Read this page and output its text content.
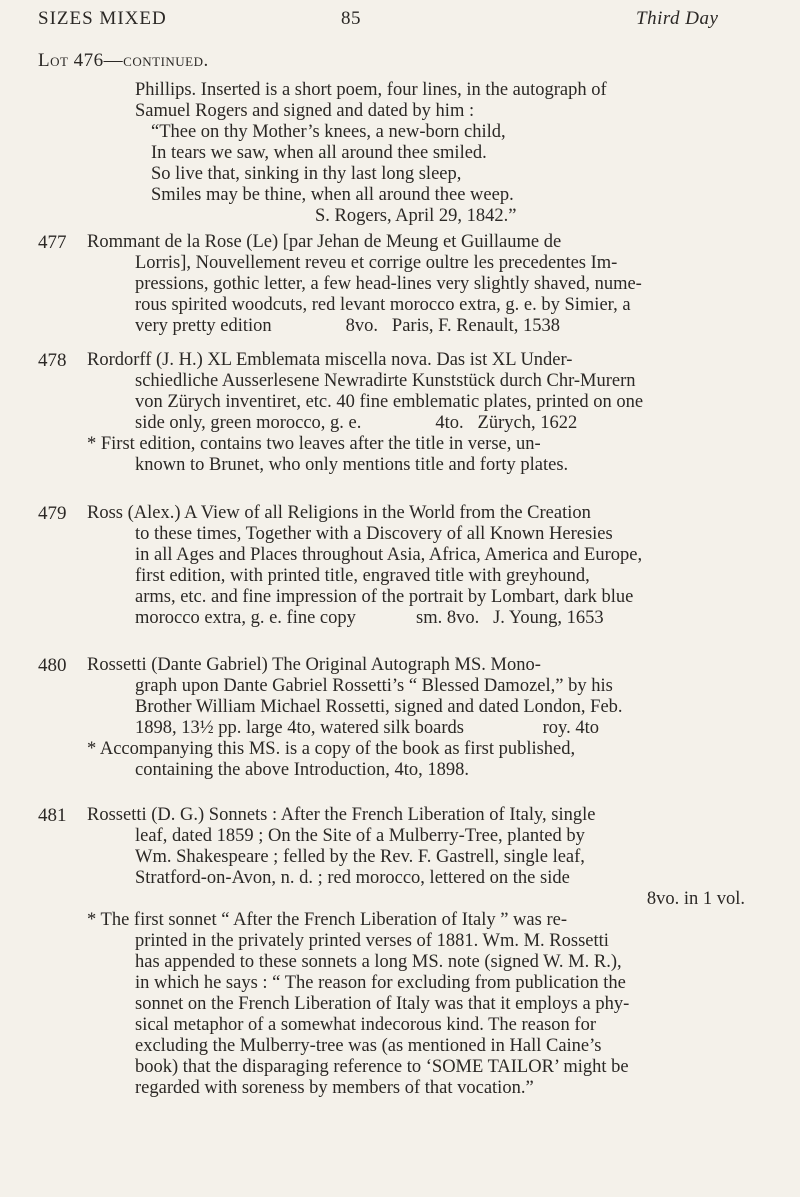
SIZES MIXED	85	Third Day
Lot 476—continued.

Phillips. Inserted is a short poem, four lines, in the autograph of

Samuel Rogers and signed and dated by him :

“Thee on thy Mother’s knees, a new-born child,

In tears we saw, when all around thee smiled.

So live that, sinking in thy last long sleep,

Smiles may be thine, when all around thee weep.

S. Rogers, April 29, 1842.”

477	Rommant de la Rose (Le) [par Jehan de Meung et Guillaume de

Lorris], Nouvellement reveu et corrige oultre les precedentes Im-

pressions, gothic letter, a few head-lines very slightly shaved, nume-

rous spirited woodcuts, red levant morocco extra, g. e. by Simier, a

very pretty edition                8vo.   Paris, F. Renault, 1538

478	Rordorff (J. H.) XL Emblemata miscella nova. Das ist XL Under-

schiedliche Ausserlesene Newradirte Kunststück durch Chr-Murern

von Zürych inventiret, etc. 40 fine emblematic plates, printed on one

side only, green morocco, g. e.                4to.   Zürych, 1622

* First edition, contains two leaves after the title in verse, un-

known to Brunet, who only mentions title and forty plates.

479	Ross (Alex.) A View of all Religions in the World from the Creation

to these times, Together with a Discovery of all Known Heresies

in all Ages and Places throughout Asia, Africa, America and Europe,

first edition, with printed title, engraved title with greyhound,

arms, etc. and fine impression of the portrait by Lombart, dark blue

morocco extra, g. e. fine copy             sm. 8vo.   J. Young, 1653

480	Rossetti (Dante Gabriel) The Original Autograph MS. Mono-

graph upon Dante Gabriel Rossetti’s “ Blessed Damozel,” by his

Brother William Michael Rossetti, signed and dated London, Feb.

1898, 13½ pp. large 4to, watered silk boards                 roy. 4to

* Accompanying this MS. is a copy of the book as first published,

containing the above Introduction, 4to, 1898.

481	Rossetti (D. G.) Sonnets : After the French Liberation of Italy, single

leaf, dated 1859 ; On the Site of a Mulberry-Tree, planted by

Wm. Shakespeare ; felled by the Rev. F. Gastrell, single leaf,

Stratford-on-Avon, n. d. ; red morocco, lettered on the side

8vo. in 1 vol.

* The first sonnet “ After the French Liberation of Italy ” was re-

printed in the privately printed verses of 1881. Wm. M. Rossetti

has appended to these sonnets a long MS. note (signed W. M. R.),

in which he says : “ The reason for excluding from publication the

sonnet on the French Liberation of Italy was that it employs a phy-

sical metaphor of a somewhat indecorous kind. The reason for

excluding the Mulberry-tree was (as mentioned in Hall Caine’s

book) that the disparaging reference to ‘SOME TAILOR’ might be

regarded with soreness by members of that vocation.”
